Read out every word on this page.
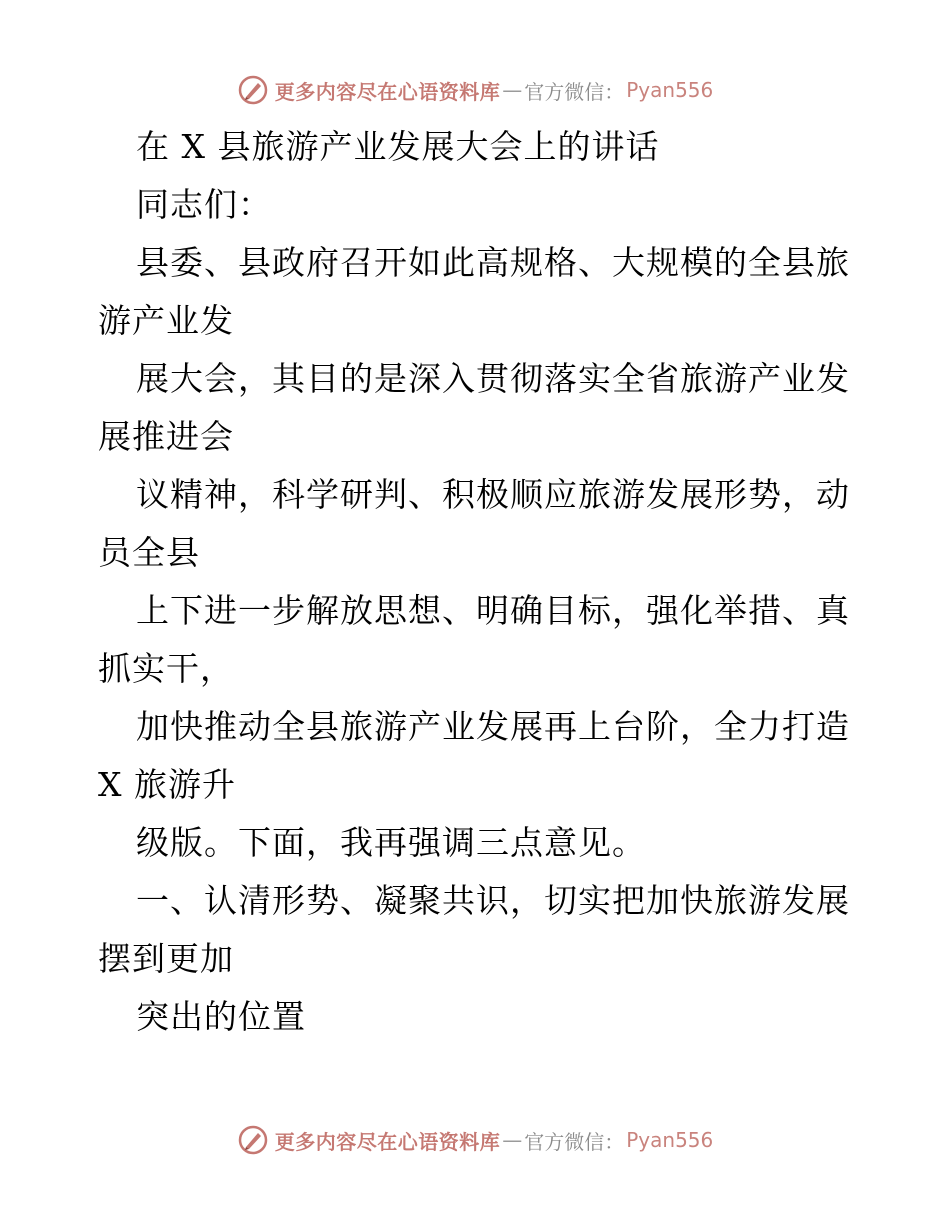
更多内容尽在心语资料库 — 官方微信： Pyan556
在 X 县旅游产业发展大会上的讲话
同志们：
县委、县政府召开如此高规格、大规模的全县旅
游产业发
展大会，其目的是深入贯彻落实全省旅游产业发
展推进会
议精神，科学研判、积极顺应旅游发展形势，动
员全县
上下进一步解放思想、明确目标，强化举措、真
抓实干，
加快推动全县旅游产业发展再上台阶，全力打造
X 旅游升
级版。下面，我再强调三点意见。
一、认清形势、凝聚共识，切实把加快旅游发展
摆到更加
突出的位置
更多内容尽在心语资料库 — 官方微信： Pyan556
